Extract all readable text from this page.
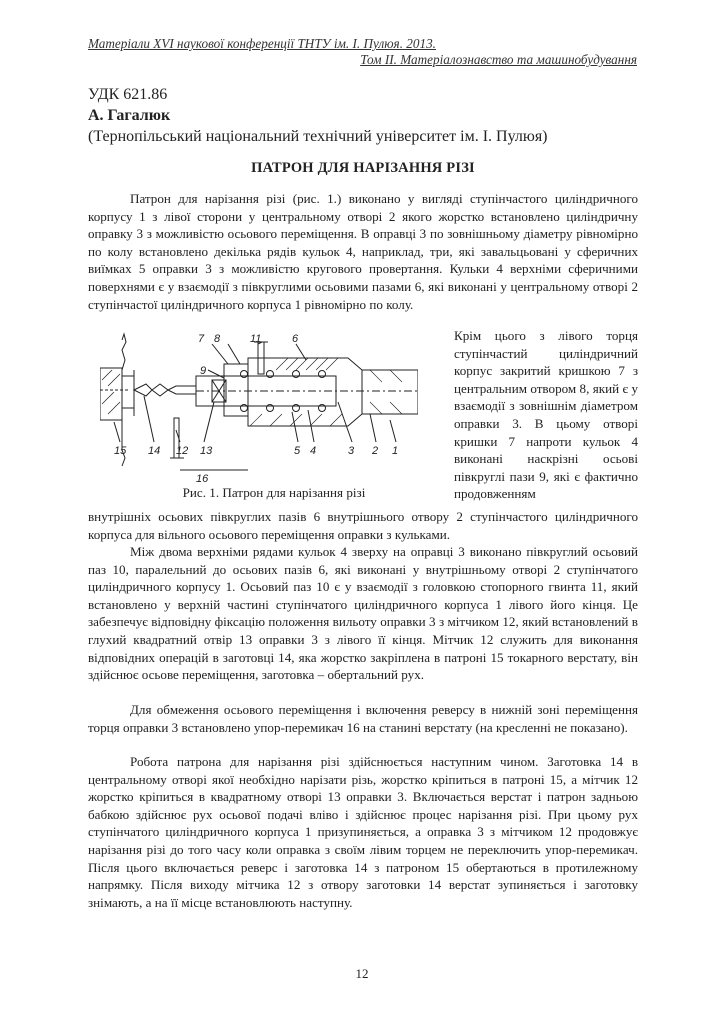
Матеріали XVІ наукової конференції ТНТУ ім. І. Пулюя. 2013.
Том ІІ. Матеріалознавство та машинобудування
УДК 621.86
А. Гагалюк
(Тернопільський національний технічний університет ім. І. Пулюя)
ПАТРОН ДЛЯ НАРІЗАННЯ РІЗІ
Патрон для нарізання різі (рис. 1.) виконано у вигляді ступінчастого циліндричного корпусу 1 з лівої сторони у центральному отворі 2 якого жорстко встановлено циліндричну оправку 3 з можливістю осьового переміщення. В оправці 3 по зовнішньому діаметру рівномірно по колу встановлено декілька рядів кульок 4, наприклад, три, які завальцьовані у сферичних виїмках 5 оправки 3 з можливістю кругового провертання. Кульки 4 верхніми сферичними поверхнями є у взаємодії з півкруглими осьовими пазами 6, які виконані у центральному отворі 2 ступінчастої циліндричного корпуса 1 рівномірно по колу.
7 8	11	6
9
15 14 12 13	5 4	3 2 1
16
Крім цього з лівого торця ступінчастий циліндричний корпус закритий кришкою 7 з центральним отвором 8, який є у взаємодії з зовнішнім діаметром оправки 3. В цьому отворі кришки 7 напроти кульок 4 виконані наскрізні осьові півкруглі пази 9, які є фактично продовженням
Рис. 1. Патрон для нарізання різі
внутрішніх осьових півкруглих пазів 6 внутрішнього отвору 2 ступінчастого циліндричного корпуса для вільного осьового переміщення оправки з кульками.
Між двома верхніми рядами кульок 4 зверху на оправці 3 виконано півкруглий осьовий паз 10, паралельний до осьових пазів 6, які виконані у внутрішньому отворі 2 ступінчатого циліндричного корпусу 1. Осьовий паз 10 є у взаємодії з головкою стопорного гвинта 11, який встановлено у верхній частині ступінчатого циліндричного корпуса 1 лівого його кінця. Це забезпечує відповідну фіксацію положення вильоту оправки 3 з мітчиком 12, який встановлений в глухий квадратний отвір 13 оправки 3 з лівого її кінця. Мітчик 12 служить для виконання відповідних операцій в заготовці 14, яка жорстко закріплена в патроні 15 токарного верстату, він здійснює осьове переміщення, заготовка – обертальний рух.
Для обмеження осьового переміщення і включення реверсу в нижній зоні переміщення торця оправки 3 встановлено упор-перемикач 16 на станині верстату (на кресленні не показано).
Робота патрона для нарізання різі здійснюється наступним чином. Заготовка 14 в центральному отворі якої необхідно нарізати різь, жорстко кріпиться в патроні 15, а мітчик 12 жорстко кріпиться в квадратному отворі 13 оправки 3. Включається верстат і патрон задньою бабкою здійснює рух осьової подачі вліво і здійснює процес нарізання різі. При цьому рух ступінчатого циліндричного корпуса 1 призупиняється, а оправка 3 з мітчиком 12 продовжує нарізання різі до того часу коли оправка з своїм лівим торцем не переключить упор-перемикач. Після цього включається реверс і заготовка 14 з патроном 15 обертаються в протилежному напрямку. Після виходу мітчика 12 з отвору заготовки 14 верстат зупиняється і заготовку знімають, а на її місце встановлюють наступну.
12
